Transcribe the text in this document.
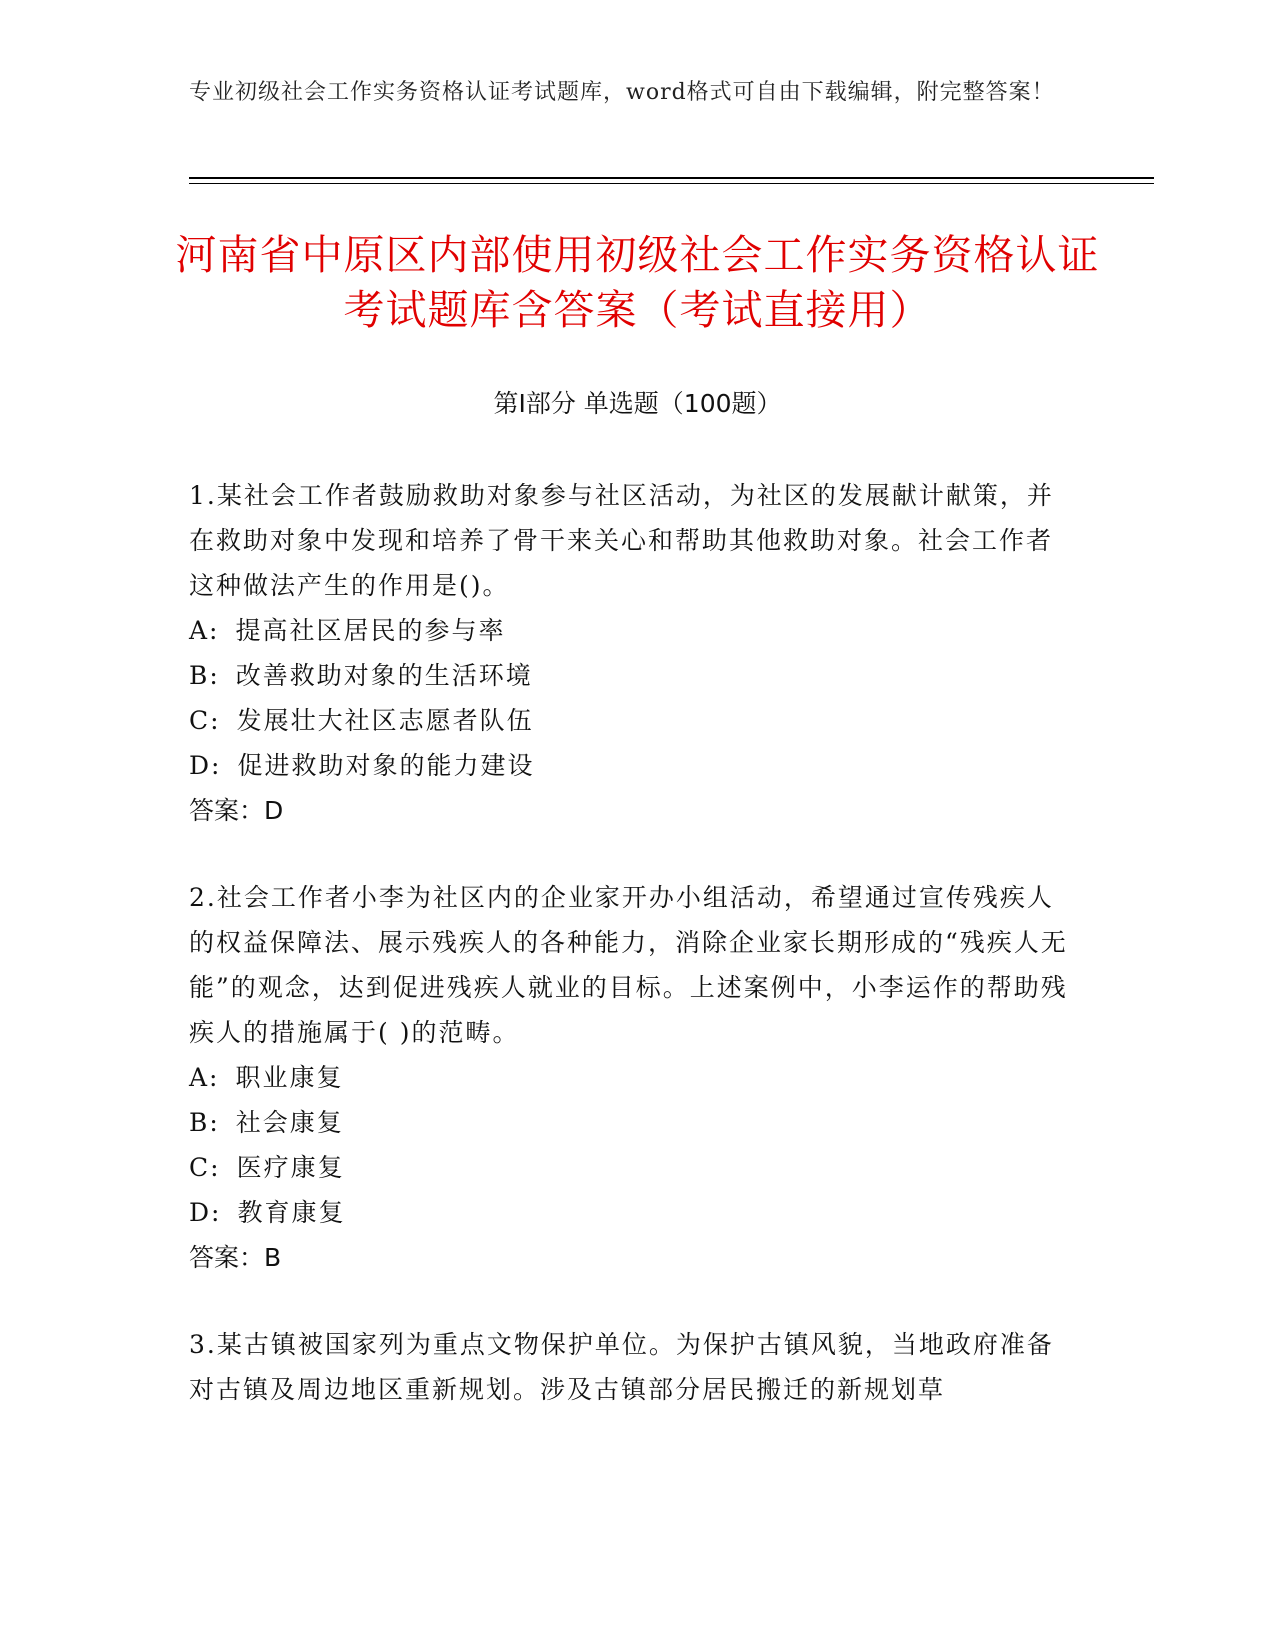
专业初级社会工作实务资格认证考试题库，word格式可自由下载编辑，附完整答案！
河南省中原区内部使用初级社会工作实务资格认证考试题库含答案（考试直接用）
第Ⅰ部分 单选题（100题）

1.某社会工作者鼓励救助对象参与社区活动，为社区的发展献计献策，并在救助对象中发现和培养了骨干来关心和帮助其他救助对象。社会工作者这种做法产生的作用是()。

A: 提高社区居民的参与率

B: 改善救助对象的生活环境

C: 发展壮大社区志愿者队伍

D: 促进救助对象的能力建设

答案：D

2.社会工作者小李为社区内的企业家开办小组活动，希望通过宣传残疾人的权益保障法、展示残疾人的各种能力，消除企业家长期形成的“残疾人无能”的观念，达到促进残疾人就业的目标。上述案例中，小李运作的帮助残疾人的措施属于( )的范畴。

A: 职业康复

B: 社会康复

C: 医疗康复

D: 教育康复

答案：B

3.某古镇被国家列为重点文物保护单位。为保护古镇风貌，当地政府准备对古镇及周边地区重新规划。涉及古镇部分居民搬迁的新规划草
